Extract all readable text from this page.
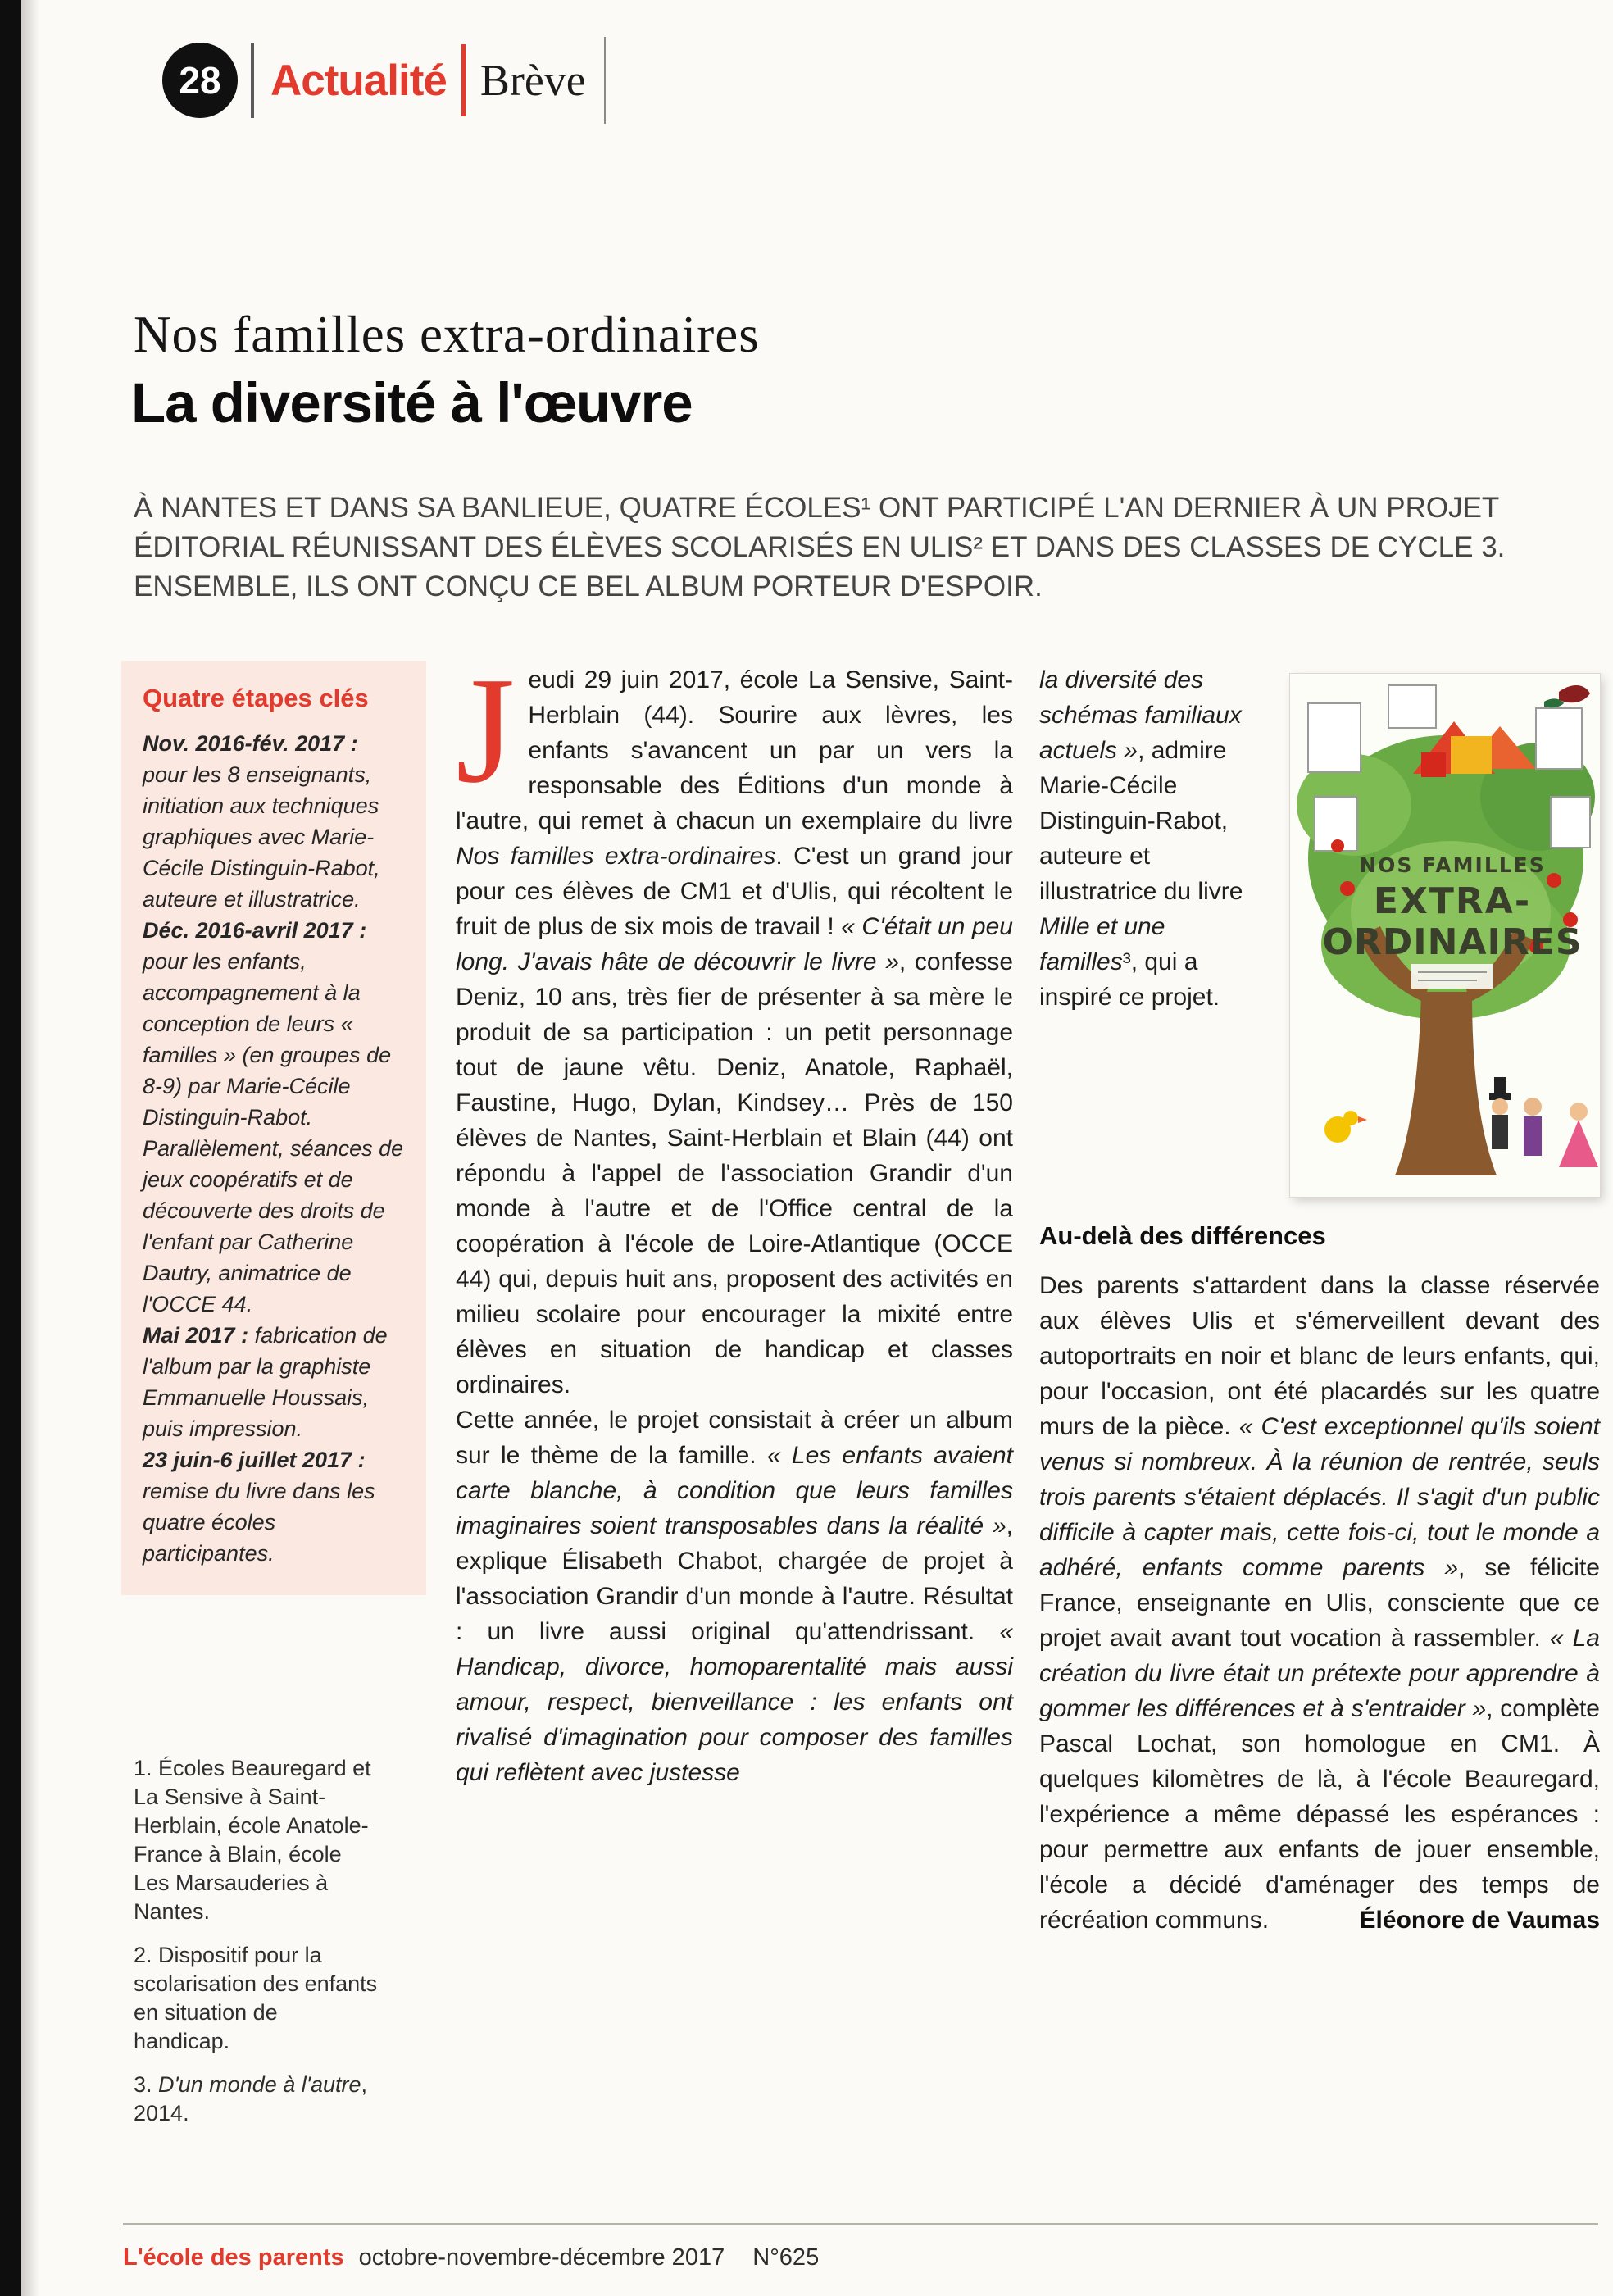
28	Actualité Brève
Nos familles extra-ordinaires
La diversité à l'œuvre
À NANTES ET DANS SA BANLIEUE, QUATRE ÉCOLES¹ ONT PARTICIPÉ L'AN DERNIER À UN PROJET ÉDITORIAL RÉUNISSANT DES ÉLÈVES SCOLARISÉS EN ULIS² ET DANS DES CLASSES DE CYCLE 3. ENSEMBLE, ILS ONT CONÇU CE BEL ALBUM PORTEUR D'ESPOIR.
Quatre étapes clés

Nov. 2016-fév. 2017 : pour les 8 enseignants, initiation aux techniques graphiques avec Marie-Cécile Distinguin-Rabot, auteure et illustratrice.

Déc. 2016-avril 2017 : pour les enfants, accompagnement à la conception de leurs « familles » (en groupes de 8-9) par Marie-Cécile Distinguin-Rabot. Parallèlement, séances de jeux coopératifs et de découverte des droits de l'enfant par Catherine Dautry, animatrice de l'OCCE 44.

Mai 2017 : fabrication de l'album par la graphiste Emmanuelle Houssais, puis impression.

23 juin-6 juillet 2017 : remise du livre dans les quatre écoles participantes.

1. Écoles Beauregard et La Sensive à Saint-Herblain, école Anatole-France à Blain, école Les Marsauderies à Nantes.

2. Dispositif pour la scolarisation des enfants en situation de handicap.

3. D'un monde à l'autre, 2014.

Jeudi 29 juin 2017, école La Sensive, Saint-Herblain (44). Sourire aux lèvres, les enfants s'avancent un par un vers la responsable des Éditions d'un monde à l'autre, qui remet à chacun un exemplaire du livre Nos familles extra-ordinaires. C'est un grand jour pour ces élèves de CM1 et d'Ulis, qui récoltent le fruit de plus de six mois de travail ! « C'était un peu long. J'avais hâte de découvrir le livre », confesse Deniz, 10 ans, très fier de présenter à sa mère le produit de sa participation : un petit personnage tout de jaune vêtu. Deniz, Anatole, Raphaël, Faustine, Hugo, Dylan, Kindsey… Près de 150 élèves de Nantes, Saint-Herblain et Blain (44) ont répondu à l'appel de l'association Grandir d'un monde à l'autre et de l'Office central de la coopération à l'école de Loire-Atlantique (OCCE 44) qui, depuis huit ans, proposent des activités en milieu scolaire pour encourager la mixité entre élèves en situation de handicap et classes ordinaires.

Cette année, le projet consistait à créer un album sur le thème de la famille. « Les enfants avaient carte blanche, à condition que leurs familles imaginaires soient transposables dans la réalité », explique Élisabeth Chabot, chargée de projet à l'association Grandir d'un monde à l'autre. Résultat : un livre aussi original qu'attendrissant. « Handicap, divorce, homoparentalité mais aussi amour, respect, bienveillance : les enfants ont rivalisé d'imagination pour composer des familles qui reflètent avec justesse

NOS FAMILLES
EXTRA-
ORDINAIRES

la diversité des schémas familiaux actuels », admire Marie-Cécile Distinguin-Rabot, auteure et illustratrice du livre Mille et une familles³, qui a inspiré ce projet.

Au-delà des différences

Des parents s'attardent dans la classe réservée aux élèves Ulis et s'émerveillent devant des autoportraits en noir et blanc de leurs enfants, qui, pour l'occasion, ont été placardés sur les quatre murs de la pièce. « C'est exceptionnel qu'ils soient venus si nombreux. À la réunion de rentrée, seuls trois parents s'étaient déplacés. Il s'agit d'un public difficile à capter mais, cette fois-ci, tout le monde a adhéré, enfants comme parents », se félicite France, enseignante en Ulis, consciente que ce projet avait avant tout vocation à rassembler. « La création du livre était un prétexte pour apprendre à gommer les différences et à s'entraider », complète Pascal Lochat, son homologue en CM1. À quelques kilomètres de là, à l'école Beauregard, l'expérience a même dépassé les espérances : pour permettre aux enfants de jouer ensemble, l'école a décidé d'aménager des temps de récréation communs.	Éléonore de Vaumas
L'école des parents octobre-novembre-décembre 2017 N°625
